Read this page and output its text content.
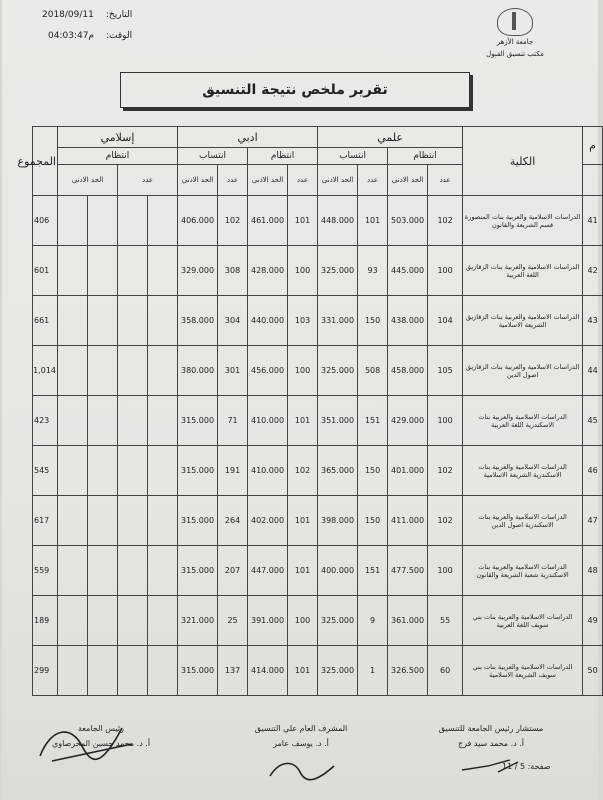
2018/09/11 التاريخ:
04:03:47م الوقت:
جامعة الأزهر
مكتب تنسيق القبول
تقرير ملخص نتيجة التنسيق
م	الكلية	علمي				ادبي				إسلامي				المجموع
		انتظام		انتساب		انتظام		انتساب		انتظام				
		عدد	الحد الادنى	عدد	الحد الادنى	عدد	الحد الادنى	عدد	الحد الادنى	عدد		الحد الادنى		
41	الدراسات الاسلامية والعربية بنات المنصورة قسم الشريعة والقانون	102	503.000	101	448.000	101	461.000	102	406.000					406
42	الدراسات الاسلامية والعربية بنات الزقازيق اللغة العربية	100	445.000	93	325.000	100	428.000	308	329.000					601
43	الدراسات الاسلامية والعربية بنات الزقازيق الشريعة الاسلامية	104	438.000	150	331.000	103	440.000	304	358.000					661
44	الدراسات الاسلامية والعربية بنات الزقازيق اصول الدين	105	458.000	508	325.000	100	456.000	301	380.000					1,014
45	الدراسات الاسلامية والعربية بنات الاسكندرية اللغة العربية	100	429.000	151	351.000	101	410.000	71	315.000					423
46	الدراسات الاسلامية والعربية بنات الاسكندرية الشريعة الاسلامية	102	401.000	150	365.000	102	410.000	191	315.000					545
47	الدراسات الاسلامية والعربية بنات الاسكندرية اصول الدين	102	411.000	150	398.000	101	402.000	264	315.000					617
48	الدراسات الاسلامية والعربية بنات الاسكندرية شعبة الشريعة والقانون	100	477.500	151	400.000	101	447.000	207	315.000					559
49	الدراسات الاسلامية والعربية بنات بني سويف اللغة العربية	55	361.000	9	325.000	100	391.000	25	321.000					189
50	الدراسات الاسلامية والعربية بنات بني سويف الشريعة الاسلامية	60	326.500	1	325.000	101	414.000	137	315.000					299
مستشار رئيس الجامعة للتنسيق
أ. د. محمد سيد فرج
المشرف العام علي التنسيق
أ. د. يوسف عامر
رئيس الجامعة
أ. د. محمد حسين المحرصاوي
صفحة: 5 / 11
